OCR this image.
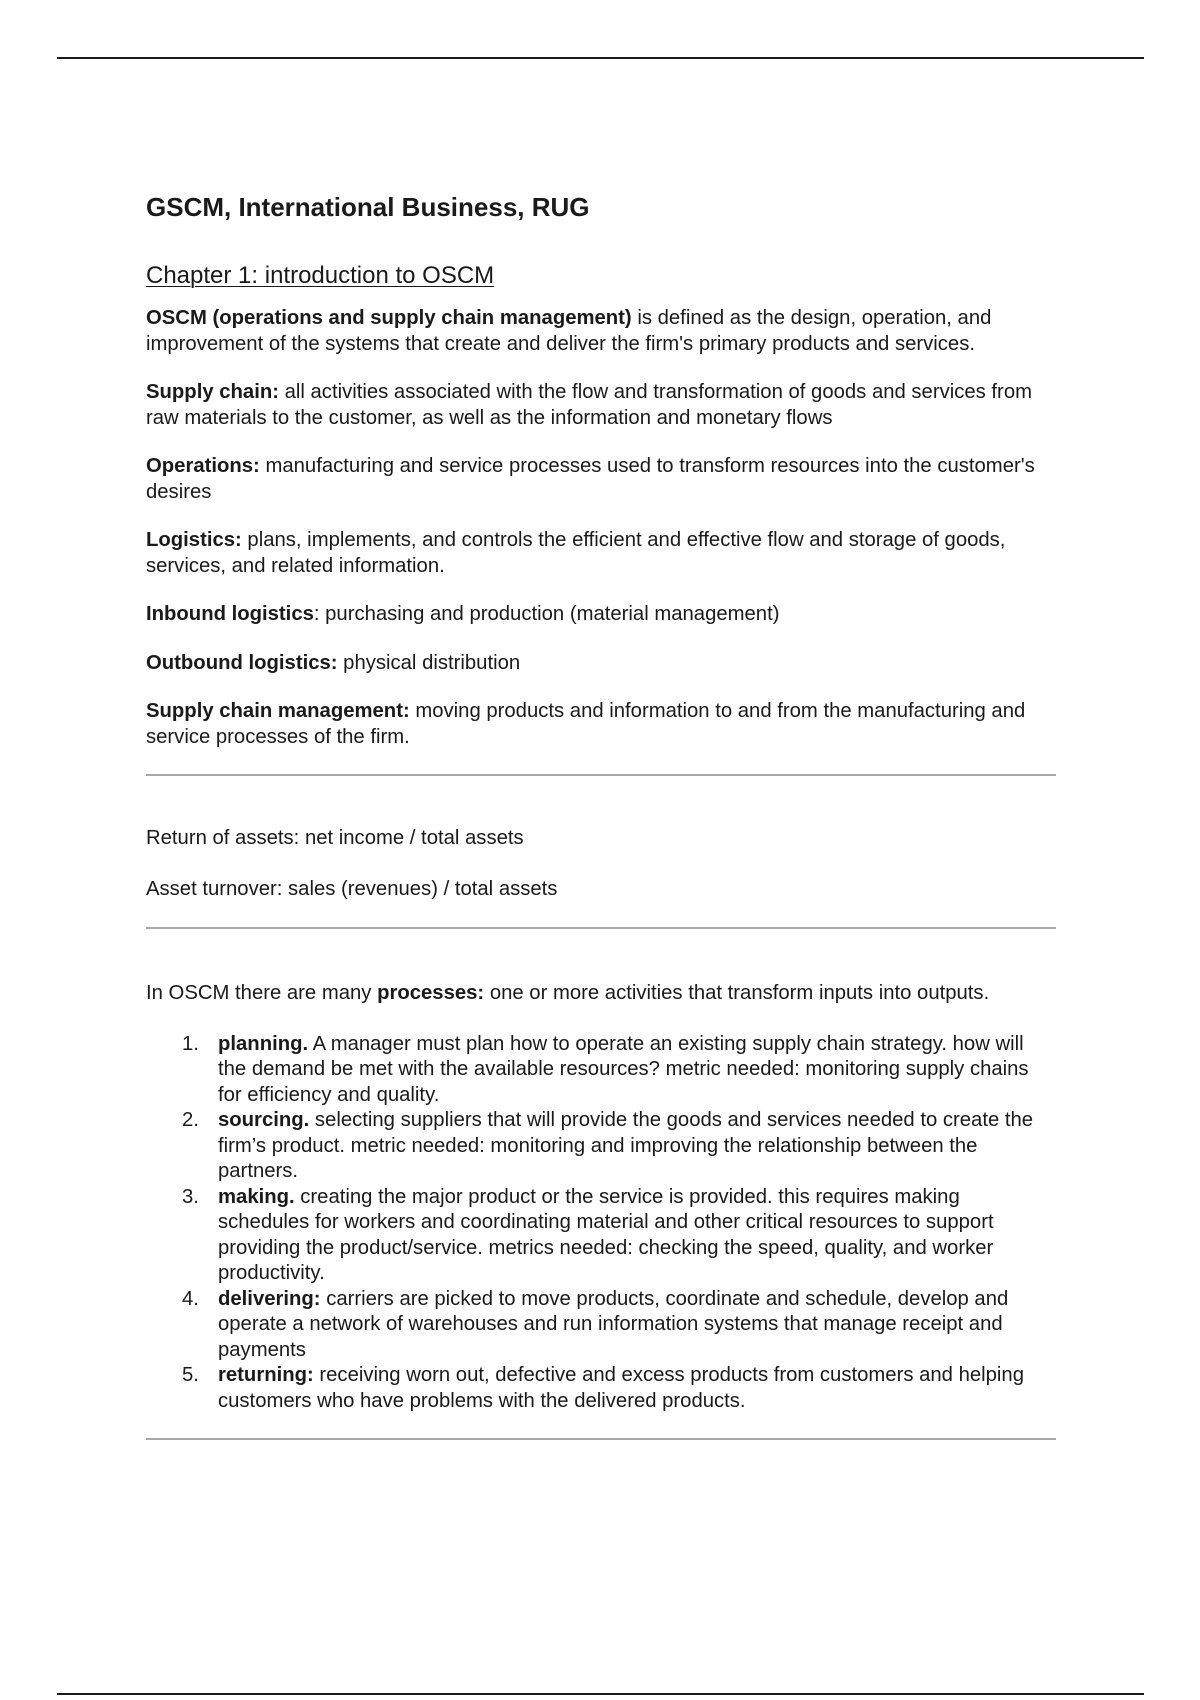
GSCM, International Business, RUG
Chapter 1: introduction to OSCM

OSCM (operations and supply chain management) is defined as the design, operation, and improvement of the systems that create and deliver the firm's primary products and services.

Supply chain: all activities associated with the flow and transformation of goods and services from raw materials to the customer, as well as the information and monetary flows

Operations: manufacturing and service processes used to transform resources into the customer's desires

Logistics: plans, implements, and controls the efficient and effective flow and storage of goods, services, and related information.

Inbound logistics: purchasing and production (material management)

Outbound logistics: physical distribution

Supply chain management: moving products and information to and from the manufacturing and service processes of the firm.

Return of assets: net income / total assets

Asset turnover: sales (revenues) / total assets

In OSCM there are many processes: one or more activities that transform inputs into outputs.

1. planning. A manager must plan how to operate an existing supply chain strategy. how will the demand be met with the available resources? metric needed: monitoring supply chains for efficiency and quality.
2. sourcing. selecting suppliers that will provide the goods and services needed to create the firm’s product. metric needed: monitoring and improving the relationship between the partners.
3. making. creating the major product or the service is provided. this requires making schedules for workers and coordinating material and other critical resources to support providing the product/service. metrics needed: checking the speed, quality, and worker productivity.
4. delivering: carriers are picked to move products, coordinate and schedule, develop and operate a network of warehouses and run information systems that manage receipt and payments
5. returning: receiving worn out, defective and excess products from customers and helping customers who have problems with the delivered products.
